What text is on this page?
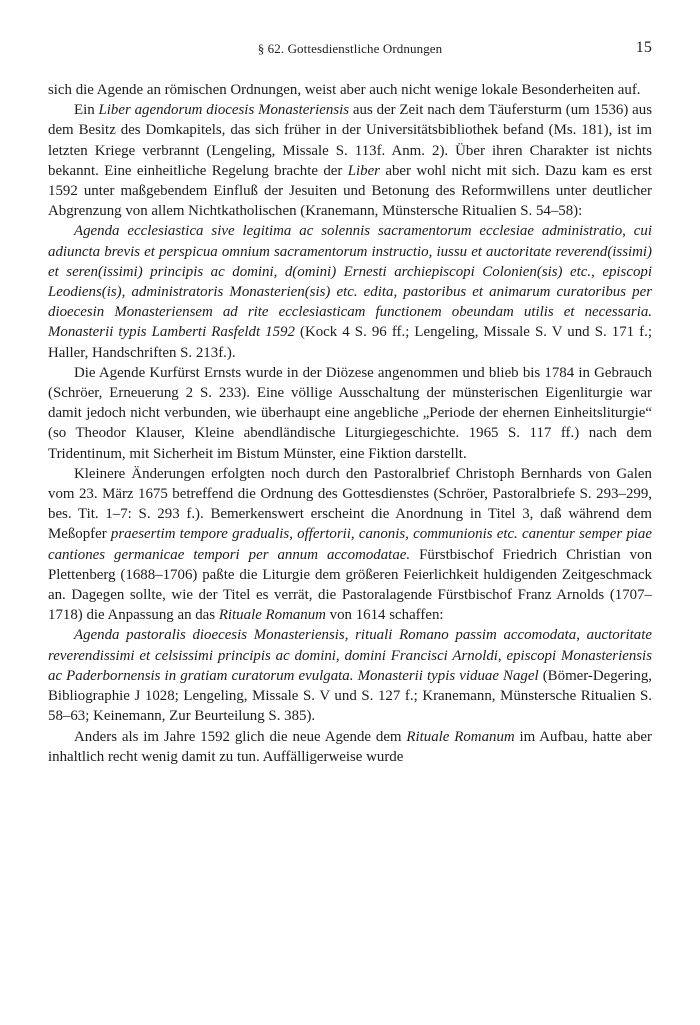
§ 62. Gottesdienstliche Ordnungen	15

sich die Agende an römischen Ordnungen, weist aber auch nicht wenige lokale Besonderheiten auf.

Ein Liber agendorum diocesis Monasteriensis aus der Zeit nach dem Täufersturm (um 1536) aus dem Besitz des Domkapitels, das sich früher in der Universitätsbibliothek befand (Ms. 181), ist im letzten Kriege verbrannt (Lengeling, Missale S. 113f. Anm. 2). Über ihren Charakter ist nichts bekannt. Eine einheitliche Regelung brachte der Liber aber wohl nicht mit sich. Dazu kam es erst 1592 unter maßgebendem Einfluß der Jesuiten und Betonung des Reformwillens unter deutlicher Abgrenzung von allem Nichtkatholischen (Kranemann, Münstersche Ritualien S. 54–58):

Agenda ecclesiastica sive legitima ac solennis sacramentorum ecclesiae administratio, cui adiuncta brevis et perspicua omnium sacramentorum instructio, iussu et auctoritate reverend(issimi) et seren(issimi) principis ac domini, d(omini) Ernesti archiepiscopi Colonien(sis) etc., episcopi Leodiens(is), administratoris Monasterien(sis) etc. edita, pastoribus et animarum curatoribus per dioecesin Monasteriensem ad rite ecclesiasticam functionem obeundam utilis et necessaria. Monasterii typis Lamberti Rasfeldt 1592 (Kock 4 S. 96 ff.; Lengeling, Missale S. V und S. 171 f.; Haller, Handschriften S. 213f.).

Die Agende Kurfürst Ernsts wurde in der Diözese angenommen und blieb bis 1784 in Gebrauch (Schröer, Erneuerung 2 S. 233). Eine völlige Ausschaltung der münsterischen Eigenliturgie war damit jedoch nicht verbunden, wie überhaupt eine angebliche „Periode der ehernen Einheitsliturgie“ (so Theodor Klauser, Kleine abendländische Liturgiegeschichte. 1965 S. 117 ff.) nach dem Tridentinum, mit Sicherheit im Bistum Münster, eine Fiktion darstellt.

Kleinere Änderungen erfolgten noch durch den Pastoralbrief Christoph Bernhards von Galen vom 23. März 1675 betreffend die Ordnung des Gottesdienstes (Schröer, Pastoralbriefe S. 293–299, bes. Tit. 1–7: S. 293 f.). Bemerkenswert erscheint die Anordnung in Titel 3, daß während dem Meßopfer praesertim tempore gradualis, offertorii, canonis, communionis etc. canentur semper piae cantiones germanicae tempori per annum accomodatae. Fürstbischof Friedrich Christian von Plettenberg (1688–1706) paßte die Liturgie dem größeren Feierlichkeit huldigenden Zeitgeschmack an. Dagegen sollte, wie der Titel es verrät, die Pastoralagende Fürstbischof Franz Arnolds (1707–1718) die Anpassung an das Rituale Romanum von 1614 schaffen:

Agenda pastoralis dioecesis Monasteriensis, rituali Romano passim accomodata, auctoritate reverendissimi et celsissimi principis ac domini, domini Francisci Arnoldi, episcopi Monasteriensis ac Paderbornensis in gratiam curatorum evulgata. Monasterii typis viduae Nagel (Bömer-Degering, Bibliographie J 1028; Lengeling, Missale S. V und S. 127 f.; Kranemann, Münstersche Ritualien S. 58–63; Keinemann, Zur Beurteilung S. 385).

Anders als im Jahre 1592 glich die neue Agende dem Rituale Romanum im Aufbau, hatte aber inhaltlich recht wenig damit zu tun. Auffälligerweise wurde
